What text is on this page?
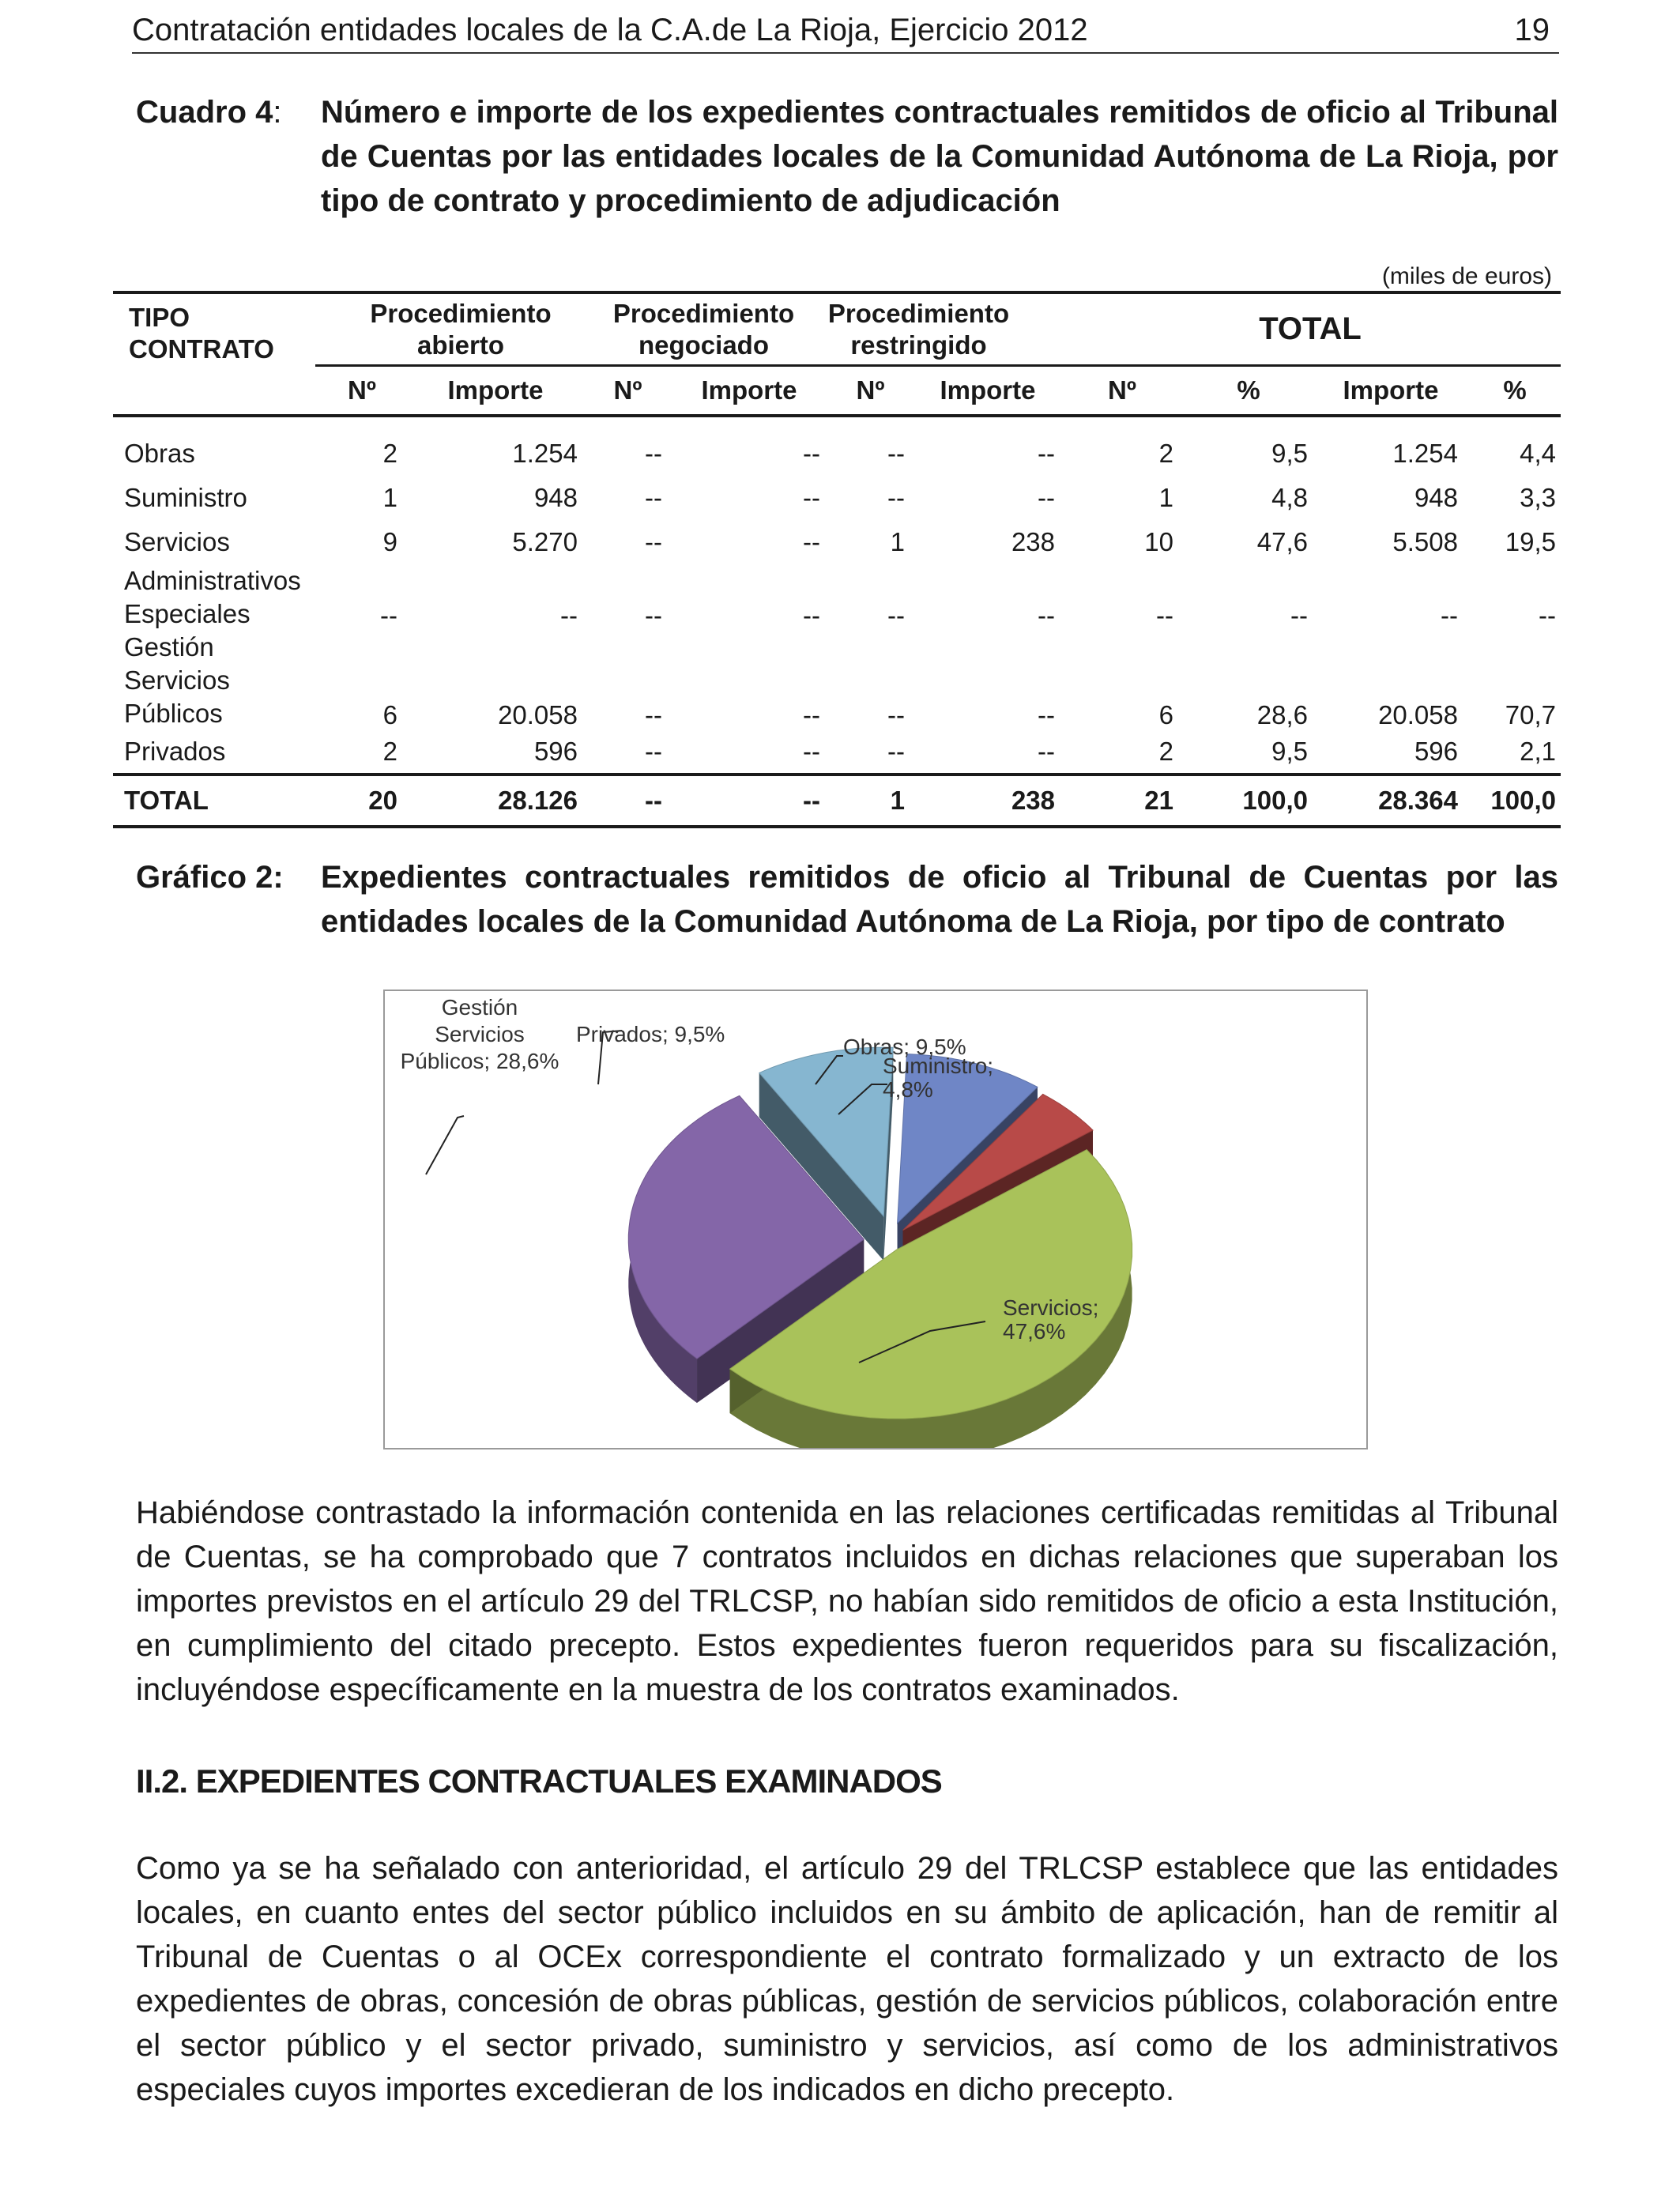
Contratación entidades locales de la C.A.de La Rioja, Ejercicio 2012	19
Cuadro 4: Número e importe de los expedientes contractuales remitidos de oficio al Tribunal de Cuentas por las entidades locales de la Comunidad Autónoma de La Rioja, por tipo de contrato y procedimiento de adjudicación
(miles de euros)
TIPO CONTRATO	Procedimiento abierto		Procedimiento negociado		Procedimiento restringido		TOTAL			
	Nº	Importe	Nº	Importe	Nº	Importe	Nº	%	Importe	%
Obras	2	1.254	--	--	--	--	2	9,5	1.254	4,4
Suministro	1	948	--	--	--	--	1	4,8	948	3,3
Servicios	9	5.270	--	--	1	238	10	47,6	5.508	19,5
Administrativos
Especiales	--	--	--	--	--	--	--	--	--	--
Gestión Servicios
Públicos	6	20.058	--	--	--	--	6	28,6	20.058	70,7
Privados	2	596	--	--	--	--	2	9,5	596	2,1
TOTAL	20	28.126	--	--	1	238	21	100,0	28.364	100,0
Gráfico 2: Expedientes contractuales remitidos de oficio al Tribunal de Cuentas por las entidades locales de la Comunidad Autónoma de La Rioja, por tipo de contrato
Obras; 9,5%
Suministro;
4,8%
Servicios;
47,6%
Gestión
Servicios
Públicos; 28,6%
Privados; 9,5%
Habiéndose contrastado la información contenida en las relaciones certificadas remitidas al Tribunal de Cuentas, se ha comprobado que 7 contratos incluidos en dichas relaciones que superaban los importes previstos en el artículo 29 del TRLCSP, no habían sido remitidos de oficio a esta Institución, en cumplimiento del citado precepto. Estos expedientes fueron requeridos para su fiscalización, incluyéndose específicamente en la muestra de los contratos examinados.
II.2. EXPEDIENTES CONTRACTUALES EXAMINADOS
Como ya se ha señalado con anterioridad, el artículo 29 del TRLCSP establece que las entidades locales, en cuanto entes del sector público incluidos en su ámbito de aplicación, han de remitir al Tribunal de Cuentas o al OCEx correspondiente el contrato formalizado y un extracto de los expedientes de obras, concesión de obras públicas, gestión de servicios públicos, colaboración entre el sector público y el sector privado, suministro y servicios, así como de los administrativos especiales cuyos importes excedieran de los indicados en dicho precepto.
